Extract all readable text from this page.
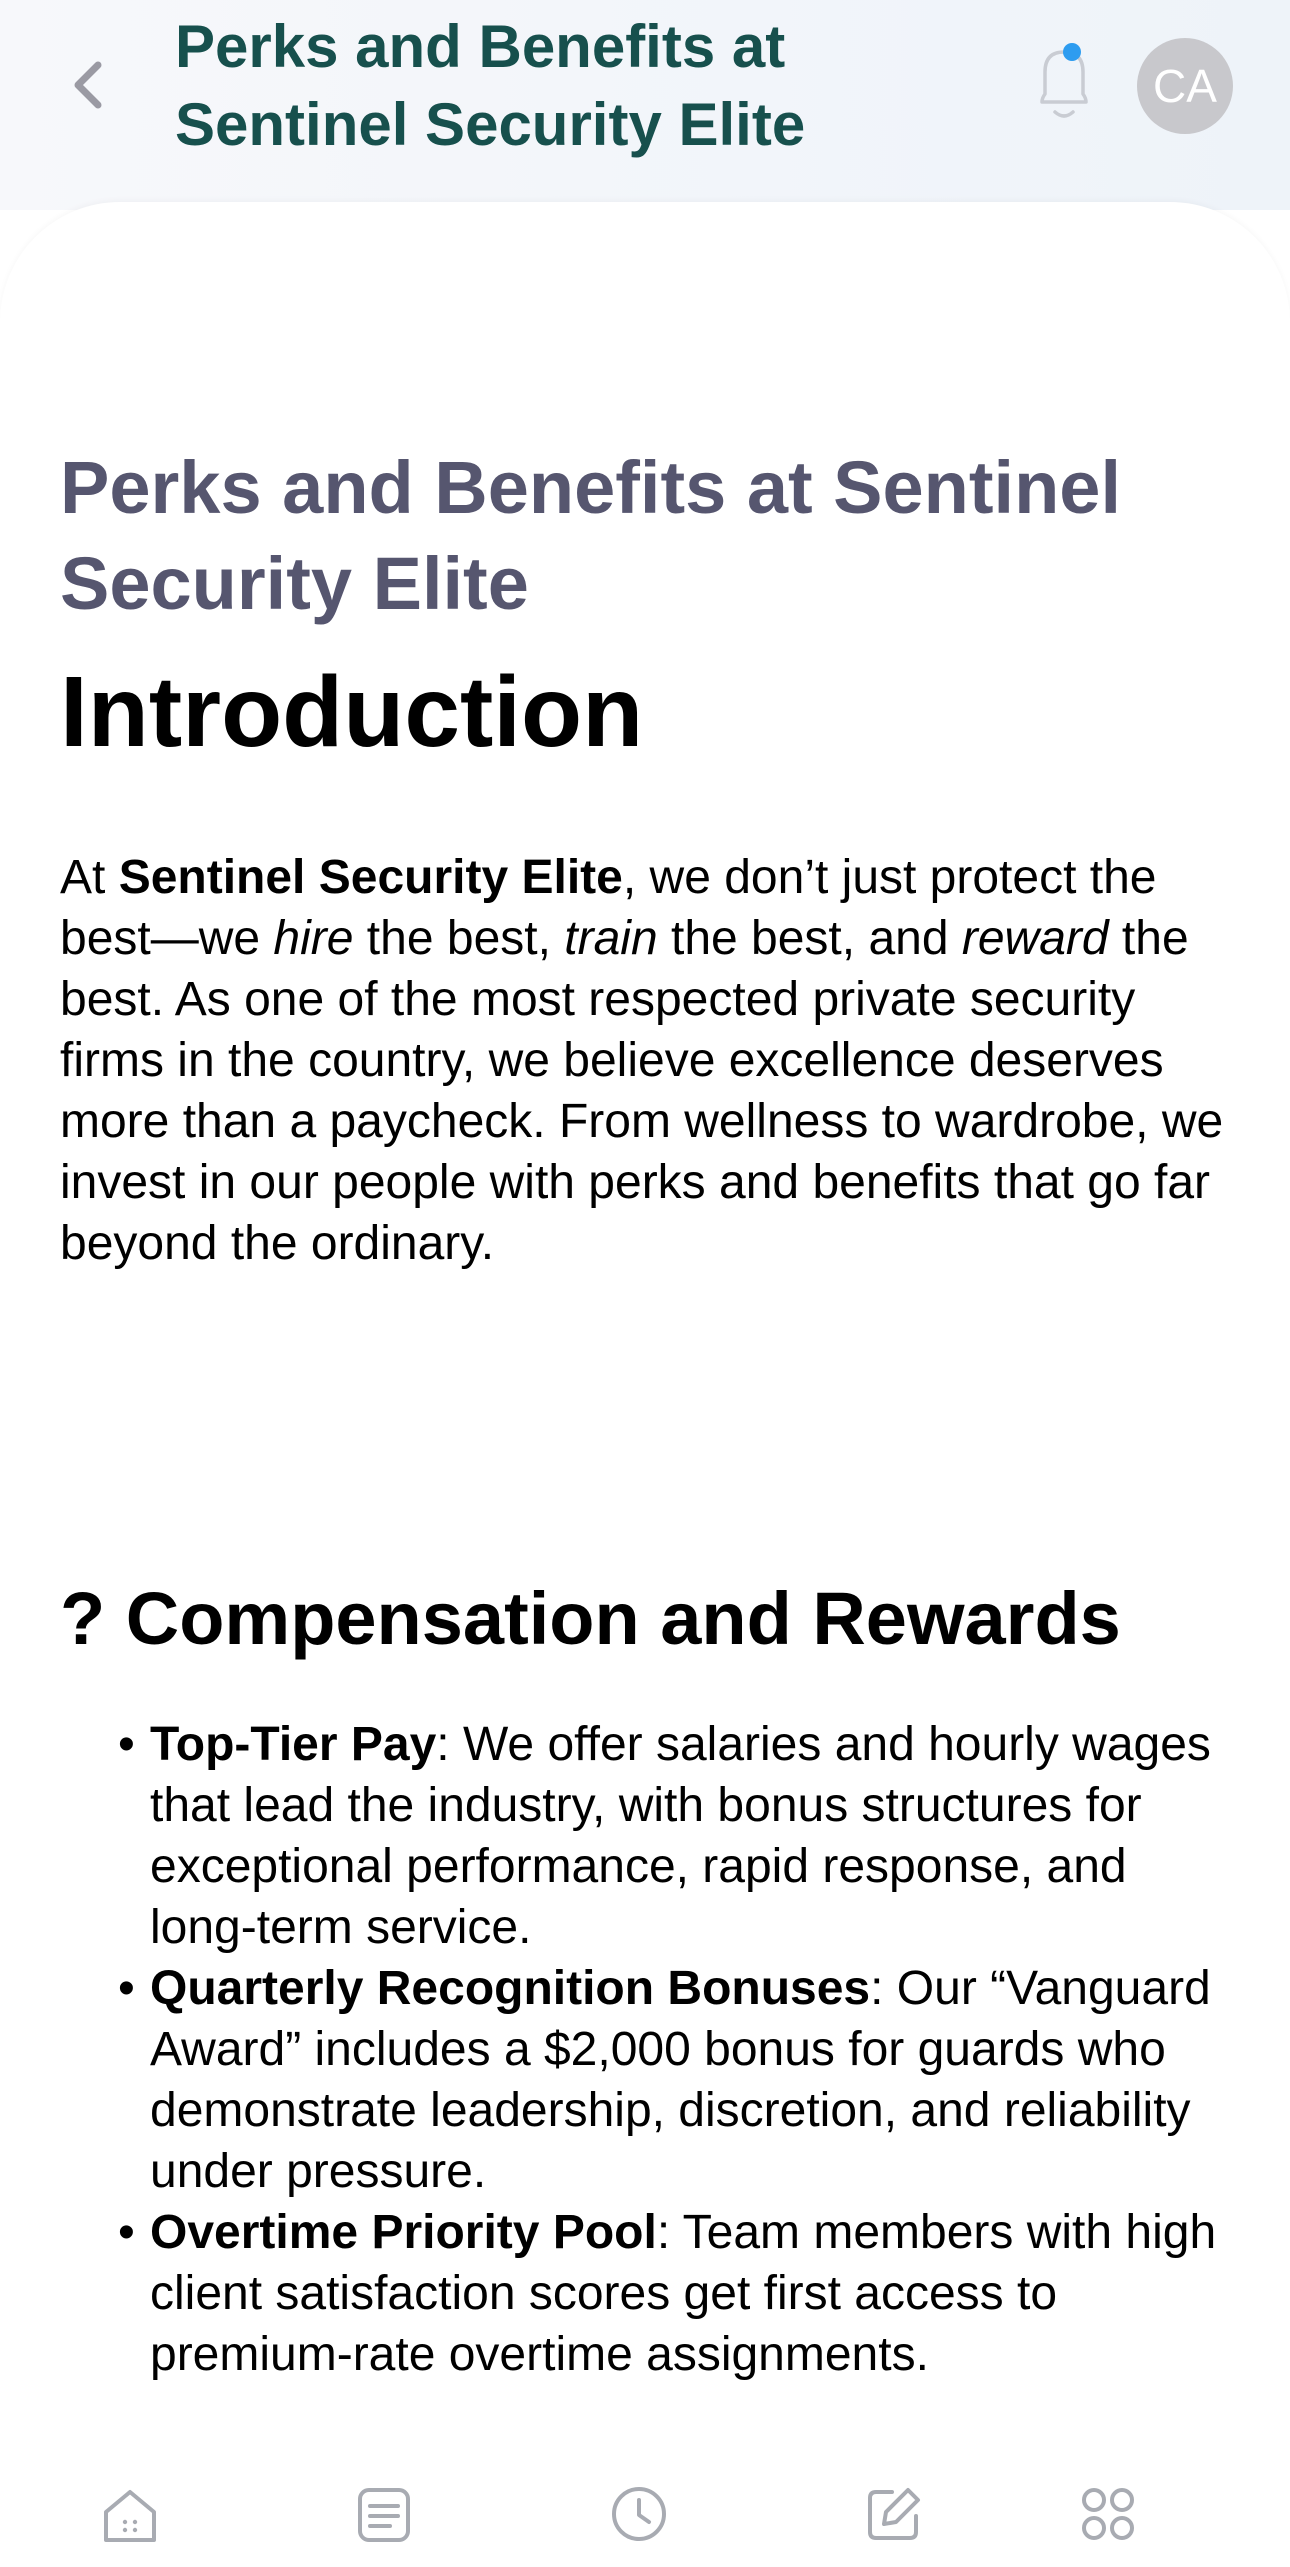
Perks and Benefits at Sentinel Security Elite
CA
Perks and Benefits at Sentinel Security Elite
Introduction

At Sentinel Security Elite, we don’t just protect the best—we hire the best, train the best, and reward the best. As one of the most respected private security firms in the country, we believe excellence deserves more than a paycheck. From wellness to wardrobe, we invest in our people with perks and benefits that go far beyond the ordinary.

? Compensation and Rewards
• Top-Tier Pay: We offer salaries and hourly wages that lead the industry, with bonus structures for exceptional performance, rapid response, and long-term service.
• Quarterly Recognition Bonuses: Our “Vanguard Award” includes a $2,000 bonus for guards who demonstrate leadership, discretion, and reliability under pressure.
• Overtime Priority Pool: Team members with high client satisfaction scores get first access to premium-rate overtime assignments.
